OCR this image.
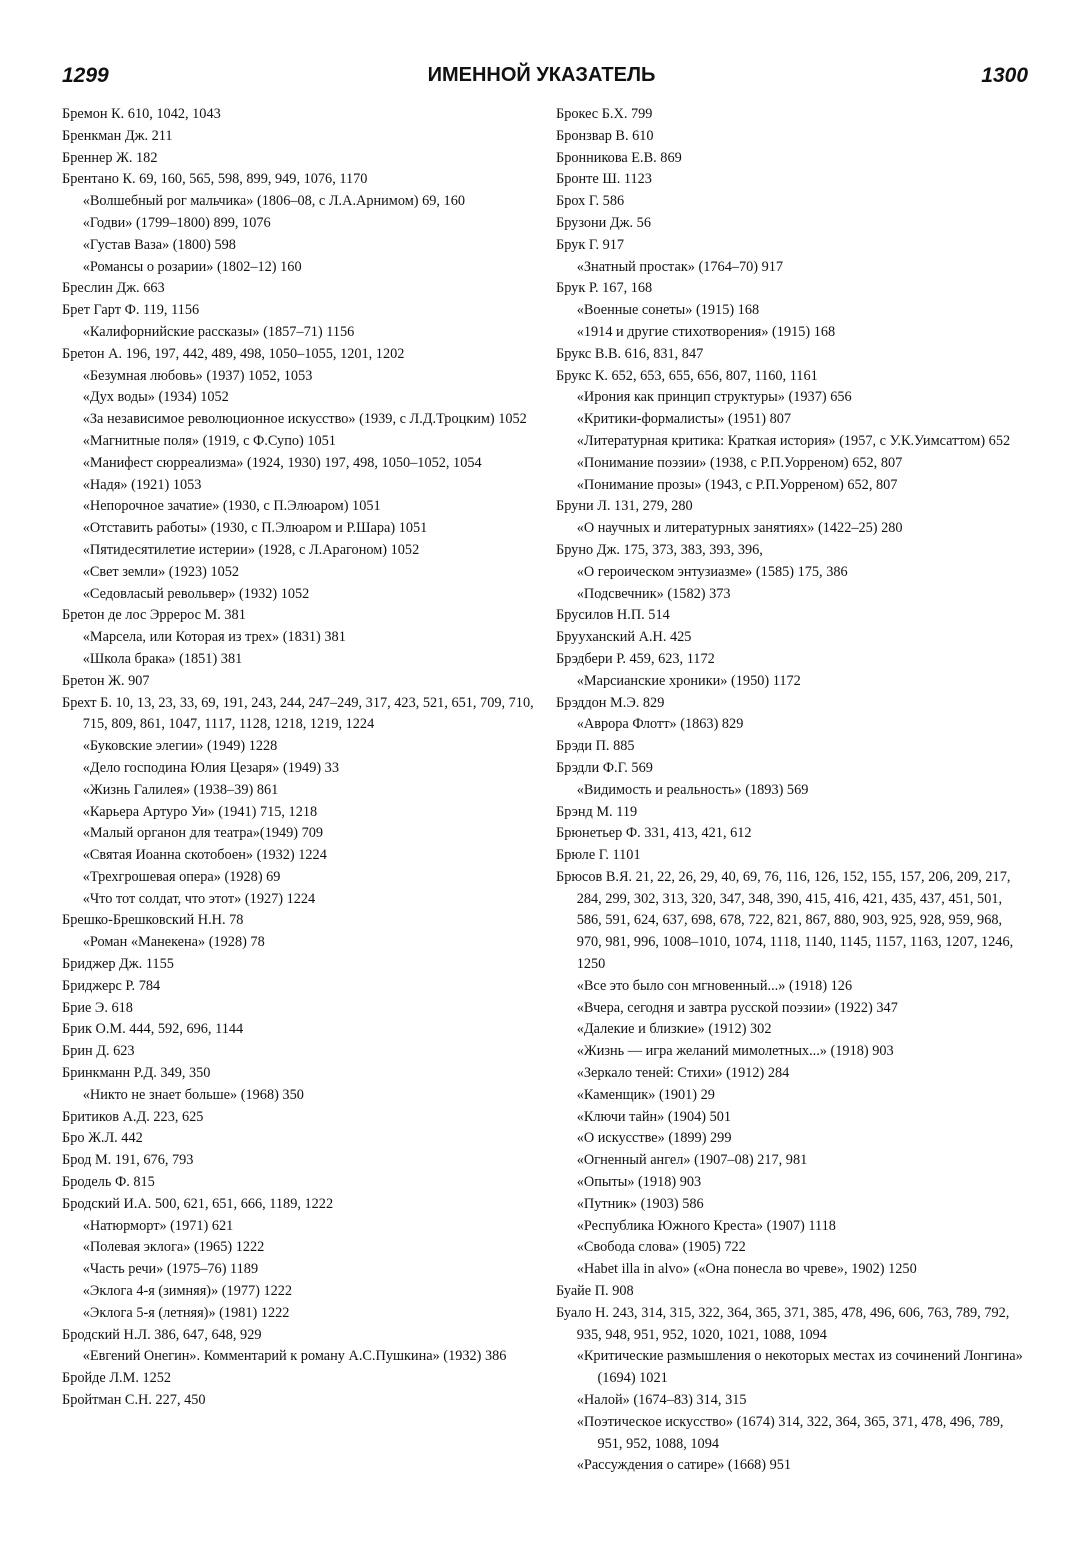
1299	ИМЕННОЙ УКАЗАТЕЛЬ	1300

Бремон К. 610, 1042, 1043

Бренкман Дж. 211

Бреннер Ж. 182

Брентано К. 69, 160, 565, 598, 899, 949, 1076, 1170

«Волшебный рог мальчика» (1806–08, с Л.А.Арнимом) 69, 160

«Годви» (1799–1800) 899, 1076

«Густав Ваза» (1800) 598

«Романсы о розарии» (1802–12) 160

Бреслин Дж. 663

Брет Гарт Ф. 119, 1156

«Калифорнийские рассказы» (1857–71) 1156

Бретон А. 196, 197, 442, 489, 498, 1050–1055, 1201, 1202

«Безумная любовь» (1937) 1052, 1053

«Дух воды» (1934) 1052

«За независимое революционное искусство» (1939, с Л.Д.Троцким) 1052

«Магнитные поля» (1919, с Ф.Супо) 1051

«Манифест сюрреализма» (1924, 1930) 197, 498, 1050–1052, 1054

«Надя» (1921) 1053

«Непорочное зачатие» (1930, с П.Элюаром) 1051

«Отставить работы» (1930, с П.Элюаром и Р.Шара) 1051

«Пятидесятилетие истерии» (1928, с Л.Арагоном) 1052

«Свет земли» (1923) 1052

«Седовласый револьвер» (1932) 1052

Бретон де лос Эррерос М. 381

«Марсела, или Которая из трех» (1831) 381

«Школа брака» (1851) 381

Бретон Ж. 907

Брехт Б. 10, 13, 23, 33, 69, 191, 243, 244, 247–249, 317, 423, 521, 651, 709, 710, 715, 809, 861, 1047, 1117, 1128, 1218, 1219, 1224

«Буковские элегии» (1949) 1228

«Дело господина Юлия Цезаря» (1949) 33

«Жизнь Галилея» (1938–39) 861

«Карьера Артуро Уи» (1941) 715, 1218

«Малый органон для театра»(1949) 709

«Святая Иоанна скотобоен» (1932) 1224

«Трехгрошевая опера» (1928) 69

«Что тот солдат, что этот» (1927) 1224

Брешко-Брешковский Н.Н. 78

«Роман «Манекена» (1928) 78

Бриджер Дж. 1155

Бриджерс Р. 784

Брие Э. 618

Брик О.М. 444, 592, 696, 1144

Брин Д. 623

Бринкманн Р.Д. 349, 350

«Никто не знает больше» (1968) 350

Бритиков А.Д. 223, 625

Бро Ж.Л. 442

Брод М. 191, 676, 793

Бродель Ф. 815

Бродский И.А. 500, 621, 651, 666, 1189, 1222

«Натюрморт» (1971) 621

«Полевая эклога» (1965) 1222

«Часть речи» (1975–76) 1189

«Эклога 4-я (зимняя)» (1977) 1222

«Эклога 5-я (летняя)» (1981) 1222

Бродский Н.Л. 386, 647, 648, 929

«Евгений Онегин». Комментарий к роману А.С.Пушкина» (1932) 386

Бройде Л.М. 1252

Бройтман С.Н. 227, 450

Брокес Б.Х. 799

Бронзвар В. 610

Бронникова Е.В. 869

Бронте Ш. 1123

Брох Г. 586

Брузони Дж. 56

Брук Г. 917

«Знатный простак» (1764–70) 917

Брук Р. 167, 168

«Военные сонеты» (1915) 168

«1914 и другие стихотворения» (1915) 168

Брукс В.В. 616, 831, 847

Брукс К. 652, 653, 655, 656, 807, 1160, 1161

«Ирония как принцип структуры» (1937) 656

«Критики-формалисты» (1951) 807

«Литературная критика: Краткая история» (1957, с У.К.Уимсаттом) 652

«Понимание поэзии» (1938, с Р.П.Уорреном) 652, 807

«Понимание прозы» (1943, с Р.П.Уорреном) 652, 807

Бруни Л. 131, 279, 280

«О научных и литературных занятиях» (1422–25) 280

Бруно Дж. 175, 373, 383, 393, 396,

«О героическом энтузиазме» (1585) 175, 386

«Подсвечник» (1582) 373

Брусилов Н.П. 514

Брууханский А.Н. 425

Брэдбери Р. 459, 623, 1172

«Марсианские хроники» (1950) 1172

Брэддон М.Э. 829

«Аврора Флотт» (1863) 829

Брэди П. 885

Брэдли Ф.Г. 569

«Видимость и реальность» (1893) 569

Брэнд М. 119

Брюнетьер Ф. 331, 413, 421, 612

Брюле Г. 1101

Брюсов В.Я. 21, 22, 26, 29, 40, 69, 76, 116, 126, 152, 155, 157, 206, 209, 217, 284, 299, 302, 313, 320, 347, 348, 390, 415, 416, 421, 435, 437, 451, 501, 586, 591, 624, 637, 698, 678, 722, 821, 867, 880, 903, 925, 928, 959, 968, 970, 981, 996, 1008–1010, 1074, 1118, 1140, 1145, 1157, 1163, 1207, 1246, 1250

«Все это было сон мгновенный...» (1918) 126

«Вчера, сегодня и завтра русской поэзии» (1922) 347

«Далекие и близкие» (1912) 302

«Жизнь — игра желаний мимолетных...» (1918) 903

«Зеркало теней: Стихи» (1912) 284

«Каменщик» (1901) 29

«Ключи тайн» (1904) 501

«О искусстве» (1899) 299

«Огненный ангел» (1907–08) 217, 981

«Опыты» (1918) 903

«Путник» (1903) 586

«Республика Южного Креста» (1907) 1118

«Свобода слова» (1905) 722

«Habet illa in alvo» («Она понесла во чреве», 1902) 1250

Буайе П. 908

Буало Н. 243, 314, 315, 322, 364, 365, 371, 385, 478, 496, 606, 763, 789, 792, 935, 948, 951, 952, 1020, 1021, 1088, 1094

«Критические размышления о некоторых местах из сочинений Лонгина» (1694) 1021

«Налой» (1674–83) 314, 315

«Поэтическое искусство» (1674) 314, 322, 364, 365, 371, 478, 496, 789, 951, 952, 1088, 1094

«Рассуждения о сатире» (1668) 951
